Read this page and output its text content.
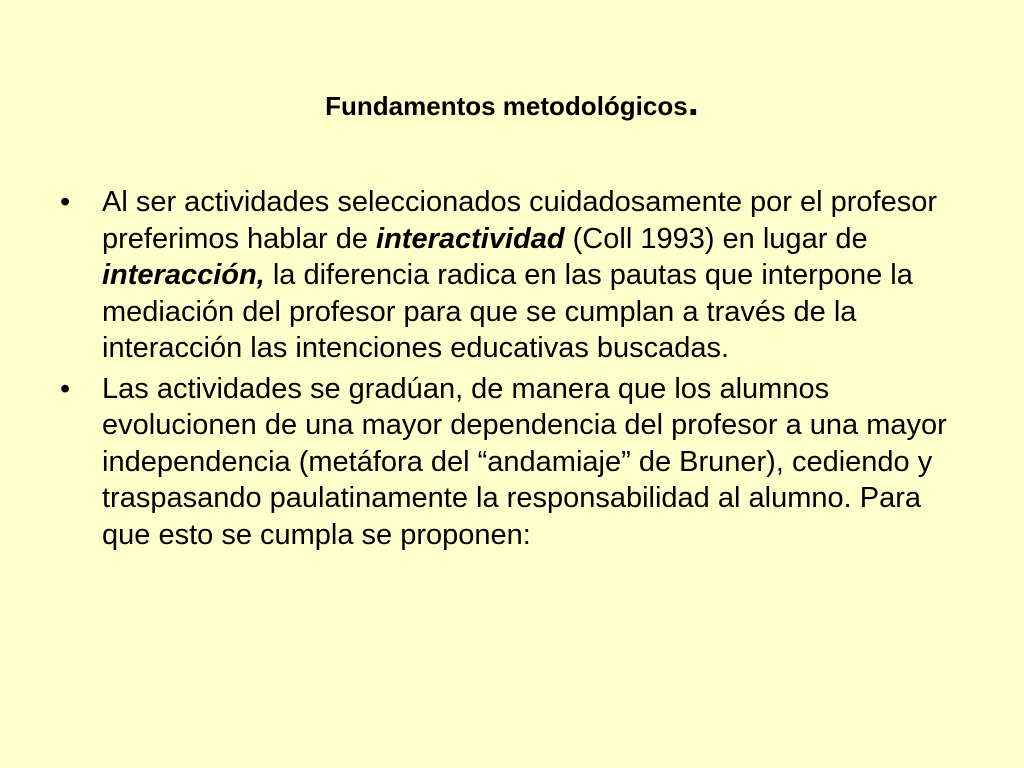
Fundamentos metodológicos.
• Al ser actividades seleccionados cuidadosamente por el profesor preferimos hablar de interactividad (Coll 1993) en lugar de interacción, la diferencia radica en las pautas que interpone la mediación del profesor para que se cumplan a través de la interacción las intenciones educativas buscadas.
• Las actividades se gradúan, de manera que los alumnos evolucionen de una mayor dependencia del profesor a una mayor independencia (metáfora del “andamiaje” de Bruner), cediendo y traspasando paulatinamente la responsabilidad al alumno. Para que esto se cumpla se proponen:
